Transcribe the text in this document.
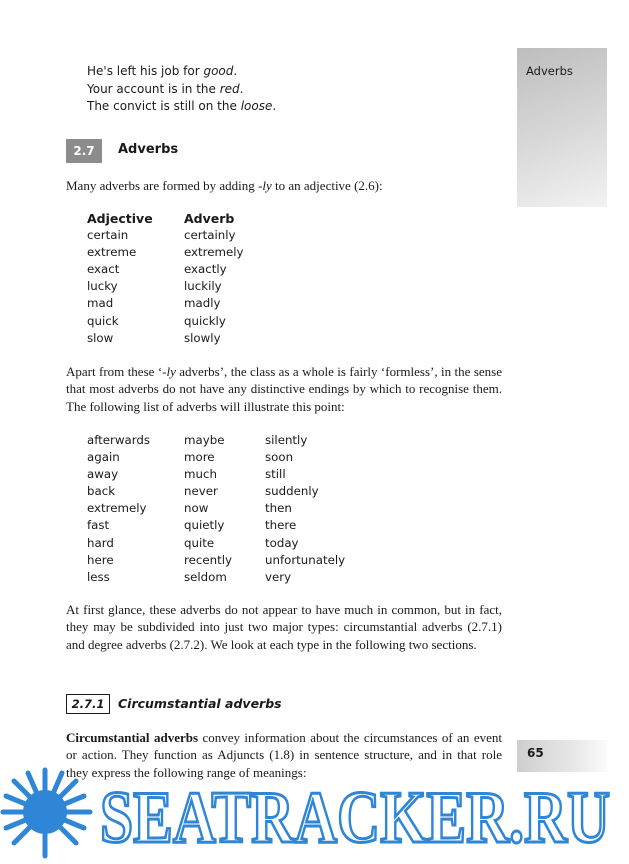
Adverbs
He's left his job for good.
Your account is in the red.
The convict is still on the loose.
2.7	Adverbs
Many adverbs are formed by adding -ly to an adjective (2.6):
Adjective
certain
extreme
exact
lucky
mad
quick
slow
Adverb
certainly
extremely
exactly
luckily
madly
quickly
slowly
Apart from these ‘-ly adverbs’, the class as a whole is fairly ‘formless’, in the sense that most adverbs do not have any distinctive endings by which to recognise them. The following list of adverbs will illustrate this point:
afterwards
again
away
back
extremely
fast
hard
here
less
maybe
more
much
never
now
quietly
quite
recently
seldom
silently
soon
still
suddenly
then
there
today
unfortunately
very
At first glance, these adverbs do not appear to have much in common, but in fact, they may be subdivided into just two major types: circumstantial adverbs (2.7.1) and degree adverbs (2.7.2). We look at each type in the following two sections.
2.7.1	Circumstantial adverbs
Circumstantial adverbs convey information about the circumstances of an event or action. They function as Adjuncts (1.8) in sentence structure, and in that role they express the following range of meanings:
65
SEATRACKER.RU
